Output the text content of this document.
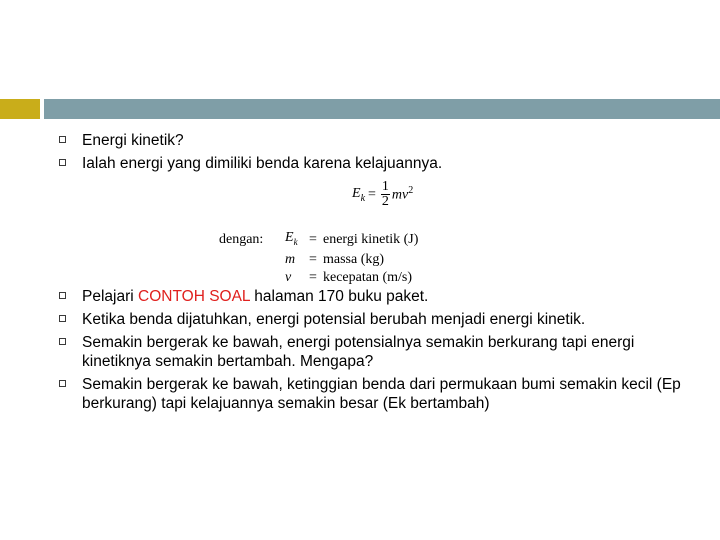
Energi kinetik?
Ialah energi yang dimiliki benda karena kelajuannya.
$E_k = \frac{1}{2} mv^2$
dengan:	$E_k$	=	energi kinetik (J)
	m	=	massa (kg)
	v	=	kecepatan (m/s)
Pelajari CONTOH SOAL halaman 170 buku paket.
Ketika benda dijatuhkan, energi potensial berubah menjadi energi kinetik.
Semakin bergerak ke bawah, energi potensialnya semakin berkurang tapi energi kinetiknya semakin bertambah. Mengapa?
Semakin bergerak ke bawah, ketinggian benda dari permukaan bumi semakin kecil (Ep berkurang) tapi kelajuannya semakin besar (Ek bertambah)
